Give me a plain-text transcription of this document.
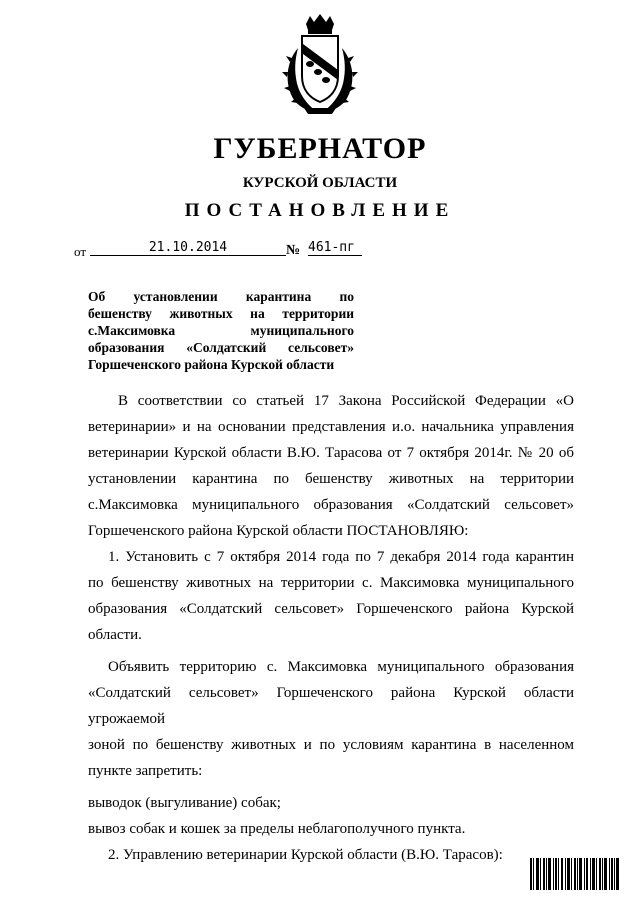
ГУБЕРНАТОР
КУРСКОЙ ОБЛАСТИ
ПОСТАНОВЛЕНИЕ
от	21.10.2014	№ 461-пг
Об установлении карантина по
бешенству животных на территории
с.Максимовка муниципального
образования «Солдатский сельсовет»
Горшеченского района Курской области

В соответствии со статьей 17 Закона Российской Федерации «О
ветеринарии» и на основании представления и.о. начальника управления
ветеринарии Курской области В.Ю. Тарасова от 7 октября 2014г. № 20 об
установлении карантина по бешенству животных на территории
с.Максимовка муниципального образования «Солдатский сельсовет»
Горшеченского района Курской области ПОСТАНОВЛЯЮ:

1. Установить с 7 октября 2014 года по 7 декабря 2014 года карантин
по бешенству животных на территории с. Максимовка муниципального
образования «Солдатский сельсовет» Горшеченского района Курской области.

Объявить территорию с. Максимовка муниципального образования
«Солдатский сельсовет» Горшеченского района Курской области угрожаемой
зоной по бешенству животных и по условиям карантина в населенном
пункте запретить:

выводок (выгуливание) собак;

вывоз собак и кошек за пределы неблагополучного пункта.

2. Управлению ветеринарии Курской области (В.Ю. Тарасов):
